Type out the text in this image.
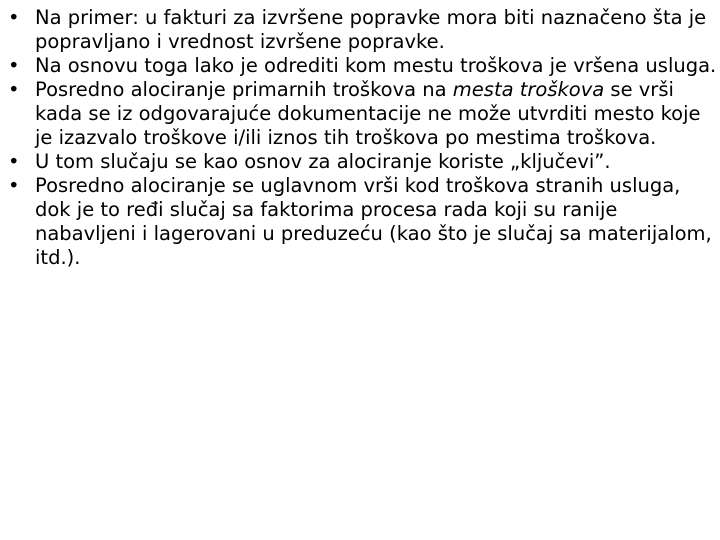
• Na primer: u fakturi za izvršene popravke mora biti naznačeno šta je popravljano i vrednost izvršene popravke.
• Na osnovu toga lako je odrediti kom mestu troškova je vršena usluga.
• Posredno alociranje primarnih troškova na mesta troškova se vrši kada se iz odgovarajuće dokumentacije ne može utvrditi mesto koje je izazvalo troškove i/ili iznos tih troškova po mestima troškova.
• U tom slučaju se kao osnov za alociranje koriste „ključevi”.
• Posredno alociranje se uglavnom vrši kod troškova stranih usluga, dok je to ređi slučaj sa faktorima procesa rada koji su ranije nabavljeni i lagerovani u preduzeću (kao što je slučaj sa materijalom, itd.).
